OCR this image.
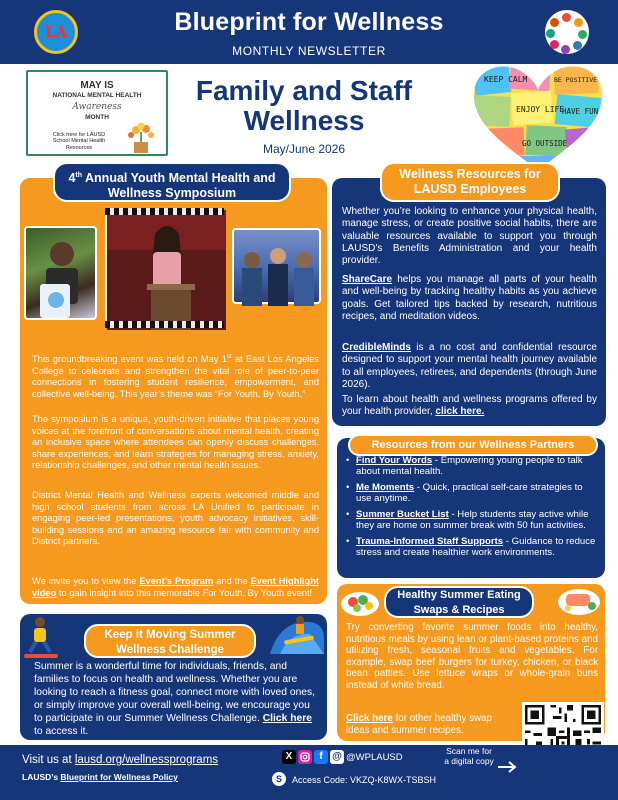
LA	Blueprint for Wellness
MONTHLY NEWSLETTER
MAY IS
NATIONAL MENTAL HEALTH
Awareness
MONTH
Click here for LAUSD School Mental Health Resources
Family and Staff Wellness
May/June 2026
KEEP CALM	BE POSITIVE
ENJOY LIFE
HAVE FUN
GO OUTSIDE
4th Annual Youth Mental Health and Wellness Symposium
This groundbreaking event was held on May 1st at East Los Angeles College to celebrate and strengthen the vital role of peer-to-peer connections in fostering student resilience, empowerment, and collective well-being. This year’s theme was “For Youth, By Youth.”
The symposium is a unique, youth-driven initiative that places young voices at the forefront of conversations about mental health, creating an inclusive space where attendees can openly discuss challenges, share experiences, and learn strategies for managing stress, anxiety, relationship challenges, and other mental health issues.
District Mental Health and Wellness experts welcomed middle and high school students from across LA Unified to participate in engaging peer-led presentations, youth advocacy initiatives, skill-building sessions and an amazing resource fair with community and District partners.
We invite you to view the Event’s Program and the Event Highlight video to gain insight into this memorable For Youth, By Youth event!
Keep it Moving Summer Wellness Challenge
Summer is a wonderful time for individuals, friends, and families to focus on health and wellness. Whether you are looking to reach a fitness goal, connect more with loved ones, or simply improve your overall well-being, we encourage you to participate in our Summer Wellness Challenge. Click here to access it.
Wellness Resources for LAUSD Employees
Whether you’re looking to enhance your physical health, manage stress, or create positive social habits, there are valuable resources available to support you through LAUSD’s Benefits Administration and your health provider.
ShareCare helps you manage all parts of your health and well-being by tracking healthy habits as you achieve goals. Get tailored tips backed by research, nutritious recipes, and meditation videos.
CredibleMinds is a no cost and confidential resource designed to support your mental health journey available to all employees, retirees, and dependents (through June 2026).
To learn about health and wellness programs offered by your health provider, click here.
Resources from our Wellness Partners
• Find Your Words - Empowering young people to talk about mental health.
• Me Moments - Quick, practical self-care strategies to use anytime.
• Summer Bucket List - Help students stay active while they are home on summer break with 50 fun activities.
• Trauma-Informed Staff Supports - Guidance to reduce stress and create healthier work environments.
Healthy Summer Eating Swaps & Recipes
Try converting favorite summer foods into healthy, nutritious meals by using lean or plant-based proteins and utilizing fresh, seasonal fruits and vegetables. For example, swap beef burgers for turkey, chicken, or black bean patties. Use lettuce wraps or whole-grain buns instead of white bread.
Click here for other healthy swap ideas and summer recipes.
Visit us at lausd.org/wellnessprograms
LAUSD’s Blueprint for Wellness Policy
X	f @ @WPLAUSD
S	Access Code: VKZQ-K8WX-TSBSH
Scan me for a digital copy
